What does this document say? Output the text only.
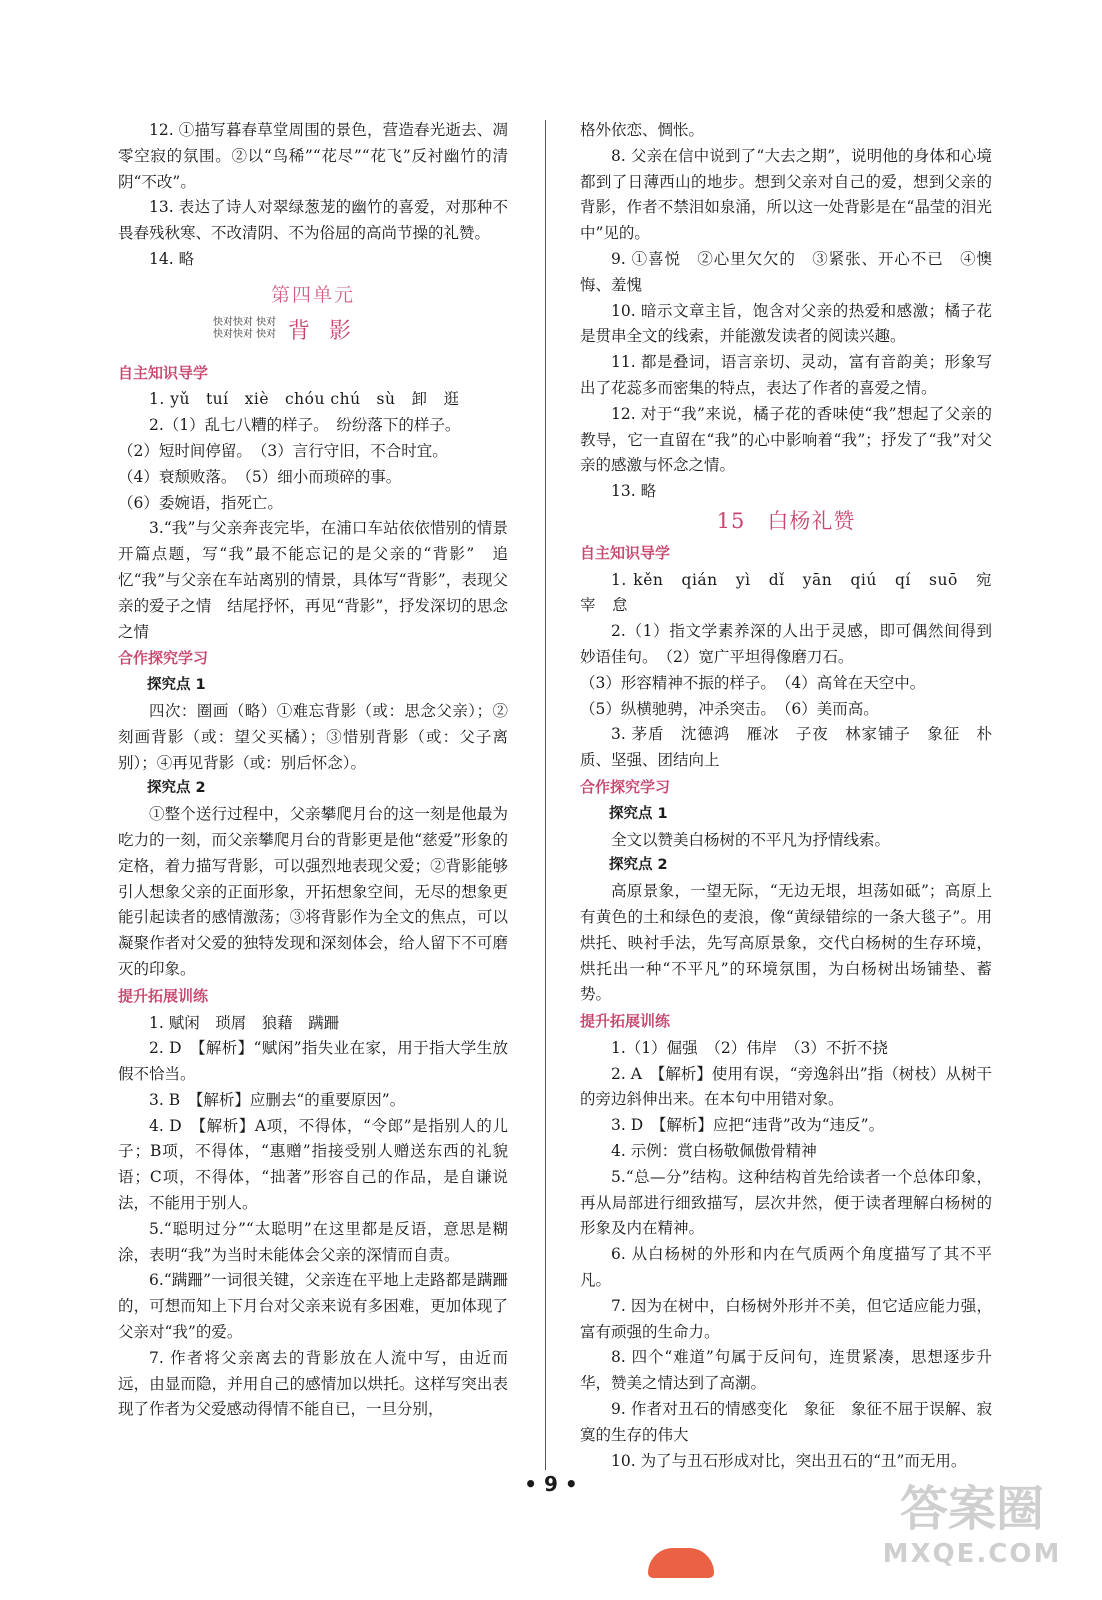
12. ①描写暮春草堂周围的景色，营造春光逝去、凋零空寂的氛围。②以“鸟稀”“花尽”“花飞”反衬幽竹的清阴“不改”。

13. 表达了诗人对翠绿葱茏的幽竹的喜爱，对那种不畏春残秋寒、不改清阴、不为俗屈的高尚节操的礼赞。

14. 略

第四单元
快对快对 快对
快对快对 快对 背 影
自主知识导学

1. yǔ　tuí　xiè　chóu chú　sù　卸　逛

2.（1）乱七八糟的样子。　纷纷落下的样子。

（2）短时间停留。　（3）言行守旧，不合时宜。

（4）衰颓败落。　（5）细小而琐碎的事。

（6）委婉语，指死亡。

3.“我”与父亲奔丧完毕，在浦口车站依依惜别的情景　开篇点题，写“我”最不能忘记的是父亲的“背影”　追忆“我”与父亲在车站离别的情景，具体写“背影”，表现父亲的爱子之情　结尾抒怀，再见“背影”，抒发深切的思念之情

合作探究学习

探究点 1

四次：圈画（略）①难忘背影（或：思念父亲）；②刻画背影（或：望父买橘）；③惜别背影（或：父子离别）；④再见背影（或：别后怀念）。

探究点 2

①整个送行过程中，父亲攀爬月台的这一刻是他最为吃力的一刻，而父亲攀爬月台的背影更是他“慈爱”形象的定格，着力描写背影，可以强烈地表现父爱；②背影能够引人想象父亲的正面形象，开拓想象空间，无尽的想象更能引起读者的感情激荡；③将背影作为全文的焦点，可以凝聚作者对父爱的独特发现和深刻体会，给人留下不可磨灭的印象。

提升拓展训练

1. 赋闲　琐屑　狼藉　蹒跚

2. D　【解析】“赋闲”指失业在家，用于指大学生放假不恰当。

3. B　【解析】应删去“的重要原因”。

4. D　【解析】A项，不得体，“令郎”是指别人的儿子；B项，不得体，“惠赠”指接受别人赠送东西的礼貌语；C项，不得体，“拙著”形容自己的作品，是自谦说法，不能用于别人。

5.“聪明过分”“太聪明”在这里都是反语，意思是糊涂，表明“我”为当时未能体会父亲的深情而自责。

6.“蹒跚”一词很关键，父亲连在平地上走路都是蹒跚的，可想而知上下月台对父亲来说有多困难，更加体现了父亲对“我”的爱。

7. 作者将父亲离去的背影放在人流中写，由近而远，由显而隐，并用自己的感情加以烘托。这样写突出表现了作者为父爱感动得情不能自已，一旦分别，

格外依恋、惆怅。

8. 父亲在信中说到了“大去之期”，说明他的身体和心境都到了日薄西山的地步。想到父亲对自己的爱，想到父亲的背影，作者不禁泪如泉涌，所以这一处背影是在“晶莹的泪光中”见的。

9. ①喜悦　②心里欠欠的　③紧张、开心不已　④懊悔、羞愧

10. 暗示文章主旨，饱含对父亲的热爱和感激；橘子花是贯串全文的线索，并能激发读者的阅读兴趣。

11. 都是叠词，语言亲切、灵动，富有音韵美；形象写出了花蕊多而密集的特点，表达了作者的喜爱之情。

12. 对于“我”来说，橘子花的香味使“我”想起了父亲的教导，它一直留在“我”的心中影响着“我”；抒发了“我”对父亲的感激与怀念之情。

13. 略

15　白杨礼赞
自主知识导学

1. kěn　qián　yì　dǐ　yān　qiú　qí　suō　宛　宰　怠

2.（1）指文学素养深的人出于灵感，即可偶然间得到妙语佳句。　（2）宽广平坦得像磨刀石。

（3）形容精神不振的样子。　（4）高耸在天空中。

（5）纵横驰骋，冲杀突击。　（6）美而高。

3. 茅盾　沈德鸿　雁冰　子夜　林家铺子　象征　朴质、坚强、团结向上

合作探究学习

探究点 1

全文以赞美白杨树的不平凡为抒情线索。

探究点 2

高原景象，一望无际，“无边无垠，坦荡如砥”；高原上有黄色的土和绿色的麦浪，像“黄绿错综的一条大毯子”。用烘托、映衬手法，先写高原景象，交代白杨树的生存环境，烘托出一种“不平凡”的环境氛围，为白杨树出场铺垫、蓄势。

提升拓展训练

1.（1）倔强　（2）伟岸　（3）不折不挠

2. A　【解析】使用有误，“旁逸斜出”指（树枝）从树干的旁边斜伸出来。在本句中用错对象。

3. D　【解析】应把“违背”改为“违反”。

4. 示例：赏白杨敬佩傲骨精神

5.“总—分”结构。这种结构首先给读者一个总体印象，再从局部进行细致描写，层次井然，便于读者理解白杨树的形象及内在精神。

6. 从白杨树的外形和内在气质两个角度描写了其不平凡。

7. 因为在树中，白杨树外形并不美，但它适应能力强，富有顽强的生命力。

8. 四个“难道”句属于反问句，连贯紧凑，思想逐步升华，赞美之情达到了高潮。

9. 作者对丑石的情感变化　象征　象征不屈于误解、寂寞的生存的伟大

10. 为了与丑石形成对比，突出丑石的“丑”而无用。

• 9 •	答案圈
MXQE.COM
